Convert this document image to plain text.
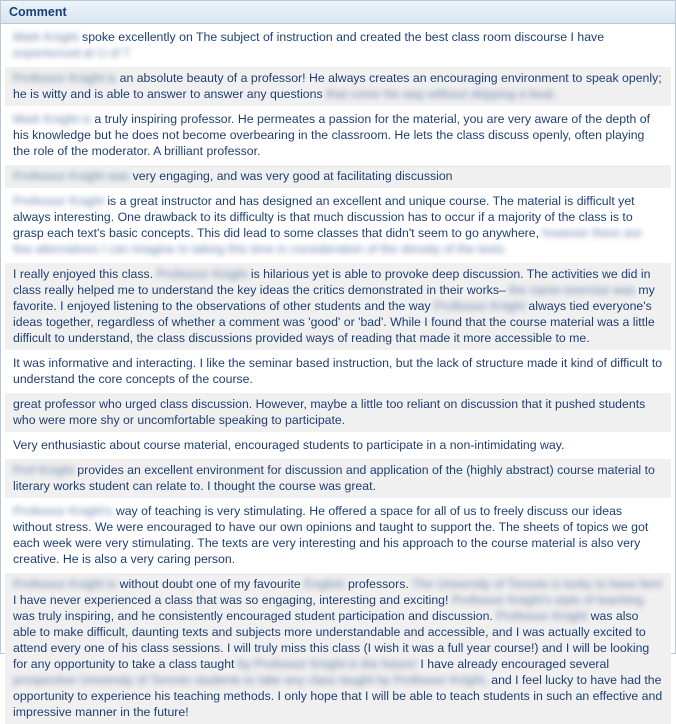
Comment
Mark Knight spoke excellently on The subject of instruction and created the best class room discourse I have experienced at U of T
Professor Knight is an absolute beauty of a professor! He always creates an encouraging environment to speak openly; he is witty and is able to answer to answer any questions that come his way without skipping a beat.
Mark Knight is a truly inspiring professor. He permeates a passion for the material, you are very aware of the depth of his knowledge but he does not become overbearing in the classroom. He lets the class discuss openly, often playing the role of the moderator. A brilliant professor.
Professor Knight was very engaging, and was very good at facilitating discussion
Professor Knight is a great instructor and has designed an excellent and unique course. The material is difficult yet always interesting. One drawback to its difficulty is that much discussion has to occur if a majority of the class is to grasp each text's basic concepts. This did lead to some classes that didn't seem to go anywhere, however there are few alternatives I can imagine to taking this time in consideration of the density of the texts.
I really enjoyed this class. Professor Knight is hilarious yet is able to provoke deep discussion. The activities we did in class really helped me to understand the key ideas the critics demonstrated in their works– the name exercise was my favorite. I enjoyed listening to the observations of other students and the way Professor Knight always tied everyone's ideas together, regardless of whether a comment was 'good' or 'bad'. While I found that the course material was a little difficult to understand, the class discussions provided ways of reading that made it more accessible to me.
It was informative and interacting. I like the seminar based instruction, but the lack of structure made it kind of difficult to understand the core concepts of the course.
great professor who urged class discussion. However, maybe a little too reliant on discussion that it pushed students who were more shy or uncomfortable speaking to participate.
Very enthusiastic about course material, encouraged students to participate in a non-intimidating way.
Prof Knight provides an excellent environment for discussion and application of the (highly abstract) course material to literary works student can relate to. I thought the course was great.
Professor Knight's way of teaching is very stimulating. He offered a space for all of us to freely discuss our ideas without stress. We were encouraged to have our own opinions and taught to support the. The sheets of topics we got each week were very stimulating. The texts are very interesting and his approach to the course material is also very creative. He is also a very caring person.
Professor Knight is without doubt one of my favourite English professors. The University of Toronto is lucky to have him! I have never experienced a class that was so engaging, interesting and exciting! Professor Knight's style of teaching was truly inspiring, and he consistently encouraged student participation and discussion. Professor Knight was also able to make difficult, daunting texts and subjects more understandable and accessible, and I was actually excited to attend every one of his class sessions. I will truly miss this class (I wish it was a full year course!) and I will be looking for any opportunity to take a class taught by Professor Knight in the future! I have already encouraged several prospective University of Toronto students to take any class taught by Professor Knight, and I feel lucky to have had the opportunity to experience his teaching methods. I only hope that I will be able to teach students in such an effective and impressive manner in the future!
